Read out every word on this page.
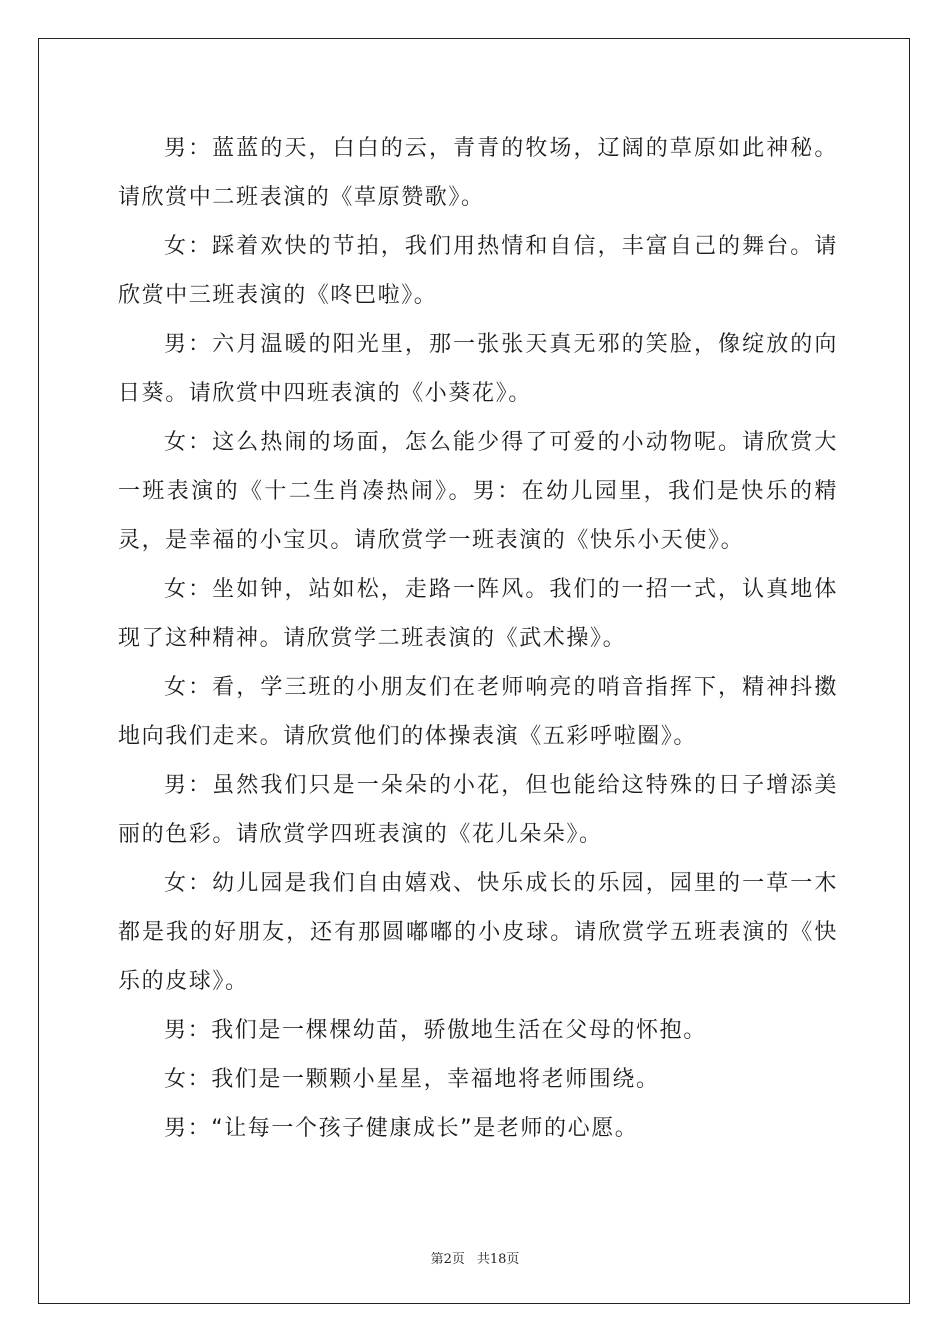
男：蓝蓝的天，白白的云，青青的牧场，辽阔的草原如此神秘。请欣赏中二班表演的《草原赞歌》。

女：踩着欢快的节拍，我们用热情和自信，丰富自己的舞台。请欣赏中三班表演的《咚巴啦》。

男：六月温暖的阳光里，那一张张天真无邪的笑脸，像绽放的向日葵。请欣赏中四班表演的《小葵花》。

女：这么热闹的场面，怎么能少得了可爱的小动物呢。请欣赏大一班表演的《十二生肖凑热闹》。男：在幼儿园里，我们是快乐的精灵，是幸福的小宝贝。请欣赏学一班表演的《快乐小天使》。

女：坐如钟，站如松，走路一阵风。我们的一招一式，认真地体现了这种精神。请欣赏学二班表演的《武术操》。

女：看，学三班的小朋友们在老师响亮的哨音指挥下，精神抖擞地向我们走来。请欣赏他们的体操表演《五彩呼啦圈》。

男：虽然我们只是一朵朵的小花，但也能给这特殊的日子增添美丽的色彩。请欣赏学四班表演的《花儿朵朵》。

女：幼儿园是我们自由嬉戏、快乐成长的乐园，园里的一草一木都是我的好朋友，还有那圆嘟嘟的小皮球。请欣赏学五班表演的《快乐的皮球》。

男：我们是一棵棵幼苗，骄傲地生活在父母的怀抱。

女：我们是一颗颗小星星，幸福地将老师围绕。

男：“让每一个孩子健康成长”是老师的心愿。

第2页 共18页
